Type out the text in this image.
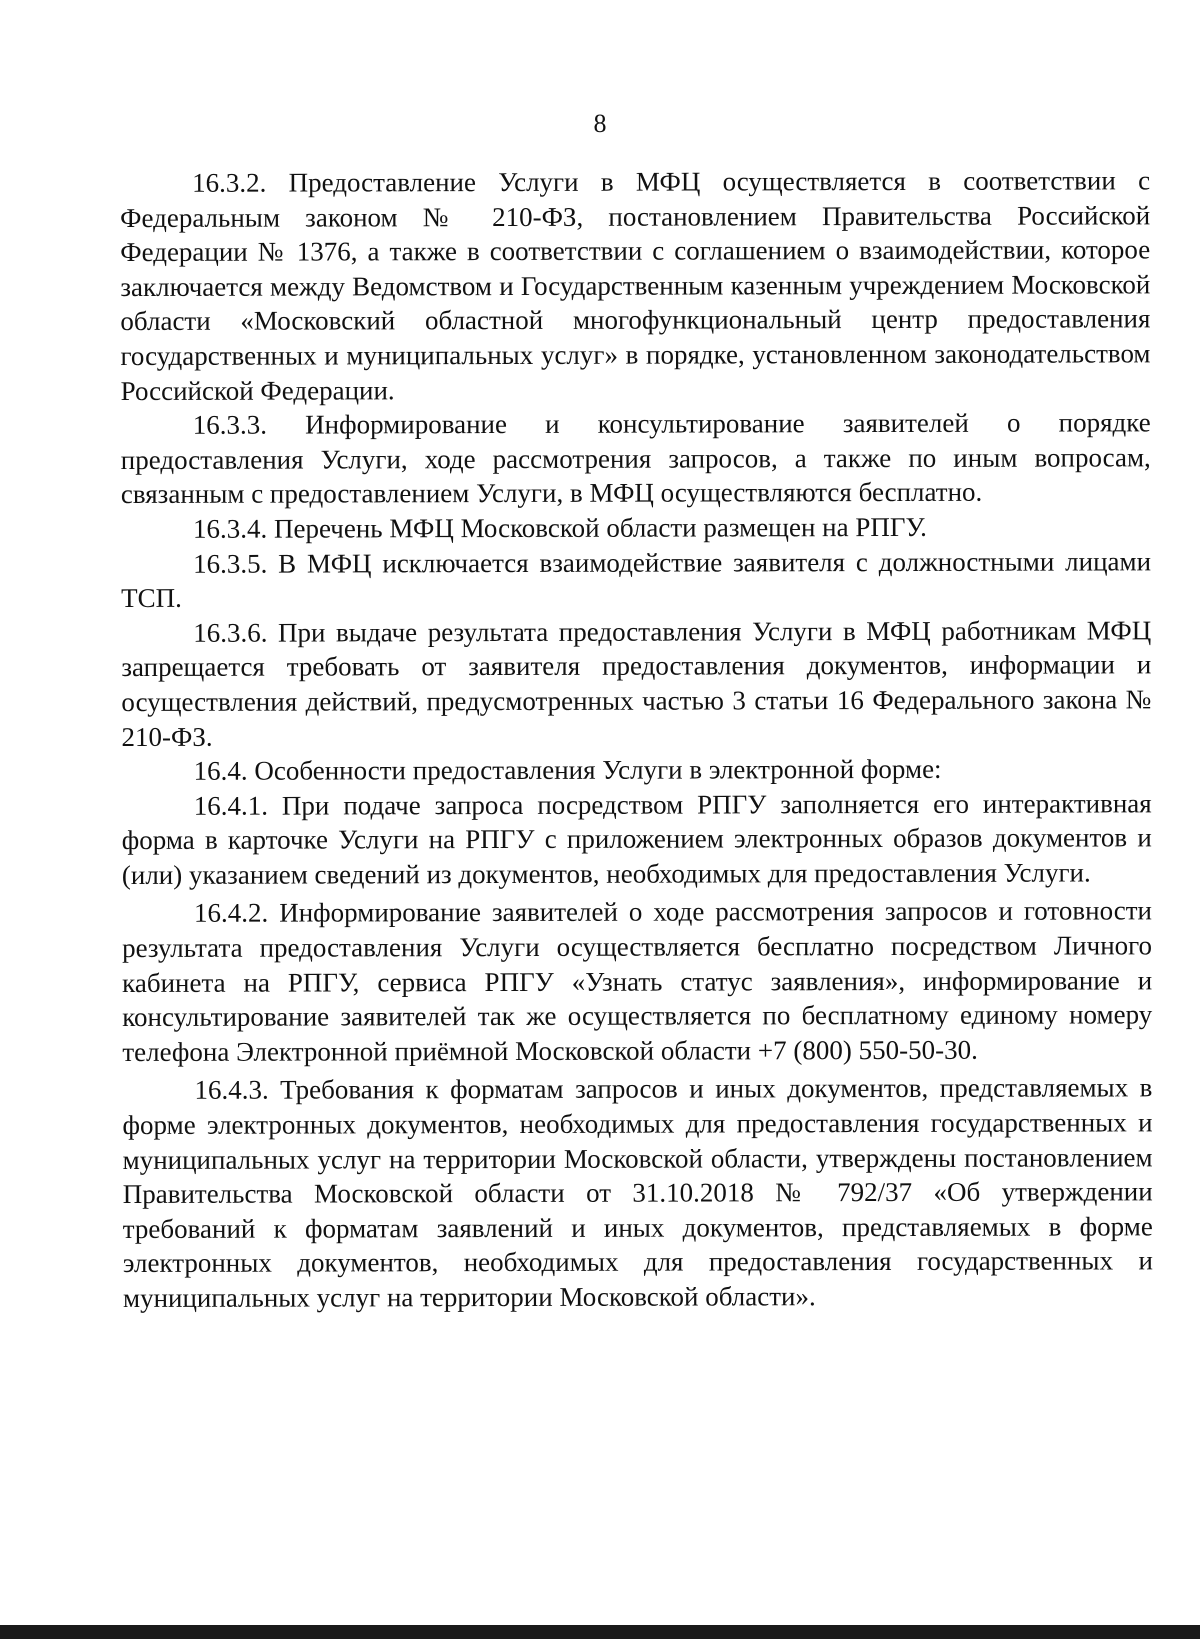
8

16.3.2. Предоставление Услуги в МФЦ осуществляется в соответствии с Федеральным законом № 210-ФЗ, постановлением Правительства Российской Федерации № 1376, а также в соответствии с соглашением о взаимодействии, которое заключается между Ведомством и Государственным казенным учреждением Московской области «Московский областной многофункциональный центр предоставления государственных и муниципальных услуг» в порядке, установленном законодательством Российской Федерации.

16.3.3. Информирование и консультирование заявителей о порядке предоставления Услуги, ходе рассмотрения запросов, а также по иным вопросам, связанным с предоставлением Услуги, в МФЦ осуществляются бесплатно.

16.3.4. Перечень МФЦ Московской области размещен на РПГУ.

16.3.5. В МФЦ исключается взаимодействие заявителя с должностными лицами ТСП.

16.3.6. При выдаче результата предоставления Услуги в МФЦ работникам МФЦ запрещается требовать от заявителя предоставления документов, информации и осуществления действий, предусмотренных частью 3 статьи 16 Федерального закона № 210-ФЗ.

16.4. Особенности предоставления Услуги в электронной форме:

16.4.1. При подаче запроса посредством РПГУ заполняется его интерактивная форма в карточке Услуги на РПГУ с приложением электронных образов документов и (или) указанием сведений из документов, необходимых для предоставления Услуги.

16.4.2. Информирование заявителей о ходе рассмотрения запросов и готовности результата предоставления Услуги осуществляется бесплатно посредством Личного кабинета на РПГУ, сервиса РПГУ «Узнать статус заявления», информирование и консультирование заявителей так же осуществляется по бесплатному единому номеру телефона Электронной приёмной Московской области +7 (800) 550-50-30.

16.4.3. Требования к форматам запросов и иных документов, представляемых в форме электронных документов, необходимых для предоставления государственных и муниципальных услуг на территории Московской области, утверждены постановлением Правительства Московской области от 31.10.2018 № 792/37 «Об утверждении требований к форматам заявлений и иных документов, представляемых в форме электронных документов, необходимых для предоставления государственных и муниципальных услуг на территории Московской области».
